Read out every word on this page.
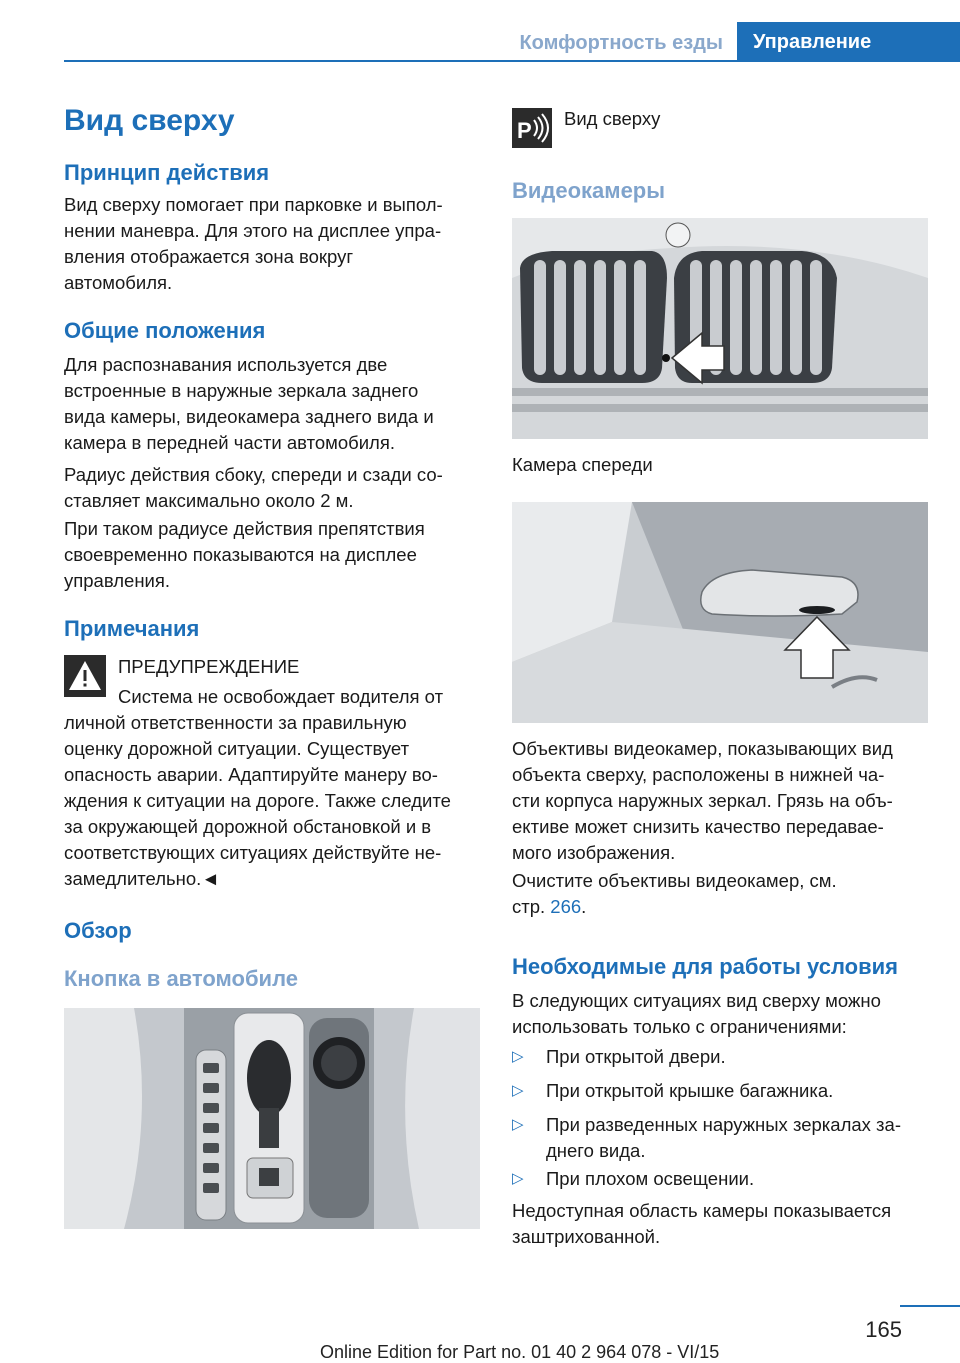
Комфортность езды	Управление
Вид сверху
Принцип действия
Вид сверху помогает при парковке и выпол-
нении маневра. Для этого на дисплее упра-
вления отображается зона вокруг
автомобиля.
Общие положения
Для распознавания используется две
встроенные в наружные зеркала заднего
вида камеры, видеокамера заднего вида и
камера в передней части автомобиля.
Радиус действия сбоку, спереди и сзади со-
ставляет максимально около 2 м.
При таком радиусе действия препятствия
своевременно показываются на дисплее
управления.
Примечания
ПРЕДУПРЕЖДЕНИЕ
Система не освобождает водителя от
личной ответственности за правильную
оценку дорожной ситуации. Существует
опасность аварии. Адаптируйте манеру во-
ждения к ситуации на дороге. Также следите
за окружающей дорожной обстановкой и в
соответствующих ситуациях действуйте не-
замедлительно.◄
Обзор
Кнопка в автомобиле
P Вид сверху
Видеокамеры
Камера спереди
Объективы видеокамер, показывающих вид
объекта сверху, расположены в нижней ча-
сти корпуса наружных зеркал. Грязь на объ-
ективе может снизить качество передавае-
мого изображения.
Очистите объективы видеокамер, см.
стр. 266.
Необходимые для работы условия
В следующих ситуациях вид сверху можно
использовать только с ограничениями:
▷ При открытой двери.
▷ При открытой крышке багажника.
▷ При разведенных наружных зеркалах за-
днего вида.
▷ При плохом освещении.
Недоступная область камеры показывается
заштрихованной.
165
Online Edition for Part no. 01 40 2 964 078 - VI/15
